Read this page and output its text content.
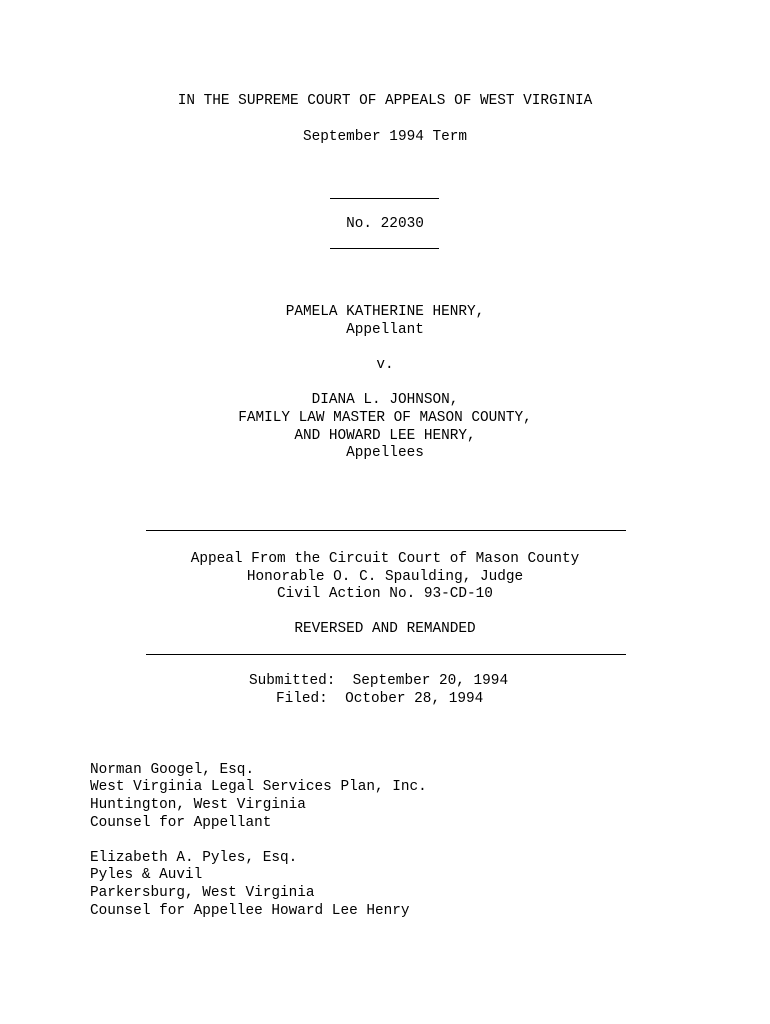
IN THE SUPREME COURT OF APPEALS OF WEST VIRGINIA
September 1994 Term
No. 22030
PAMELA KATHERINE HENRY,
Appellant
v.
DIANA L. JOHNSON,
FAMILY LAW MASTER OF MASON COUNTY,
AND HOWARD LEE HENRY,
Appellees
Appeal From the Circuit Court of Mason County
Honorable O. C. Spaulding, Judge
Civil Action No. 93-CD-10
REVERSED AND REMANDED
Submitted:  September 20, 1994
Filed:  October 28, 1994
Norman Googel, Esq.
West Virginia Legal Services Plan, Inc.
Huntington, West Virginia
Counsel for Appellant
Elizabeth A. Pyles, Esq.
Pyles & Auvil
Parkersburg, West Virginia
Counsel for Appellee Howard Lee Henry
